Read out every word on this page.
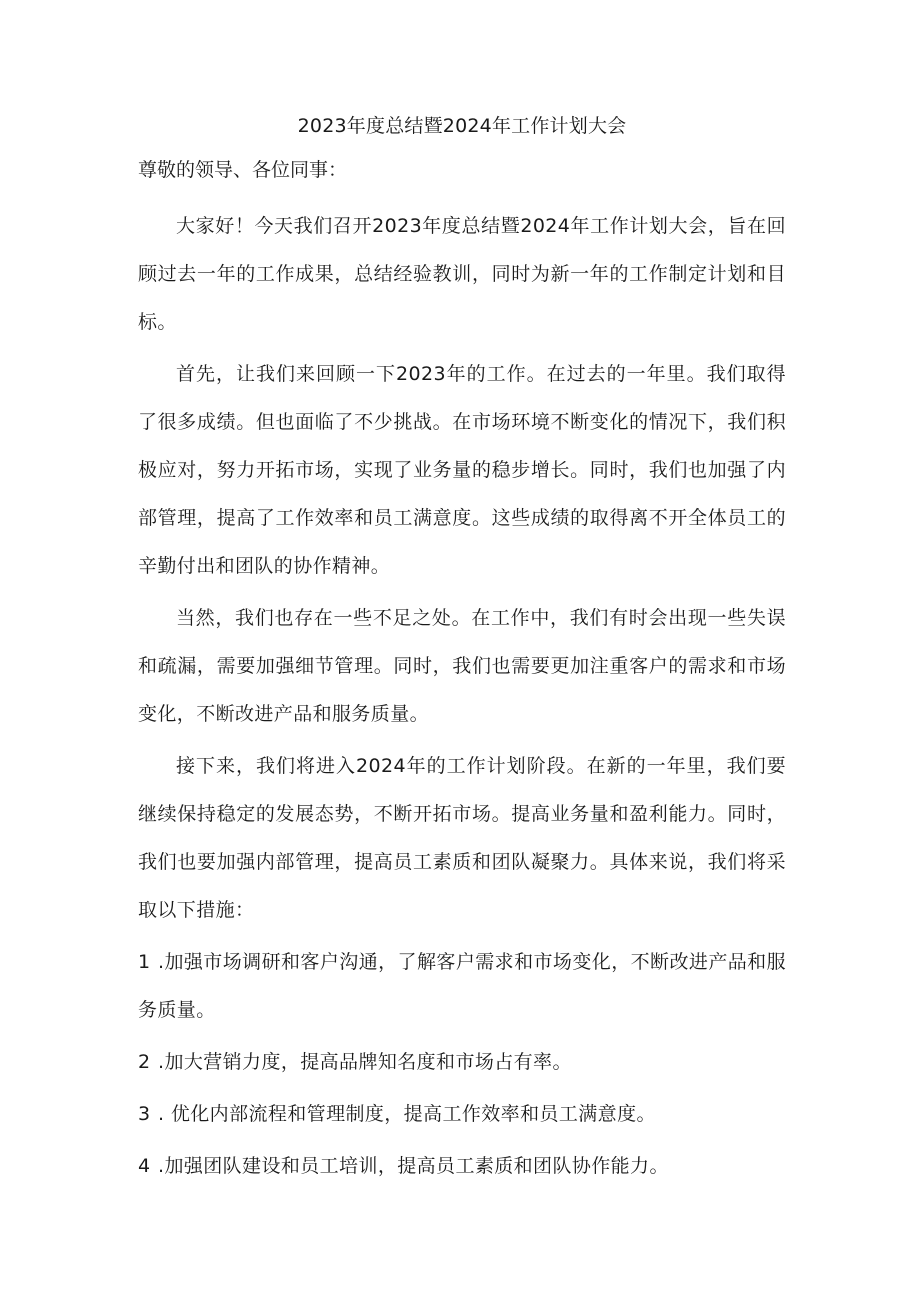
2023年度总结暨2024年工作计划大会
尊敬的领导、各位同事：

大家好！今天我们召开2023年度总结暨2024年工作计划大会，旨在回顾过去一年的工作成果，总结经验教训，同时为新一年的工作制定计划和目标。

首先，让我们来回顾一下2023年的工作。在过去的一年里。我们取得了很多成绩。但也面临了不少挑战。在市场环境不断变化的情况下，我们积极应对，努力开拓市场，实现了业务量的稳步增长。同时，我们也加强了内部管理，提高了工作效率和员工满意度。这些成绩的取得离不开全体员工的辛勤付出和团队的协作精神。

当然，我们也存在一些不足之处。在工作中，我们有时会出现一些失误和疏漏，需要加强细节管理。同时，我们也需要更加注重客户的需求和市场变化，不断改进产品和服务质量。

接下来，我们将进入2024年的工作计划阶段。在新的一年里，我们要继续保持稳定的发展态势，不断开拓市场。提高业务量和盈利能力。同时，我们也要加强内部管理，提高员工素质和团队凝聚力。具体来说，我们将采取以下措施：

1 .加强市场调研和客户沟通，了解客户需求和市场变化，不断改进产品和服务质量。
2 .加大营销力度，提高品牌知名度和市场占有率。
3 . 优化内部流程和管理制度，提高工作效率和员工满意度。
4 .加强团队建设和员工培训，提高员工素质和团队协作能力。
